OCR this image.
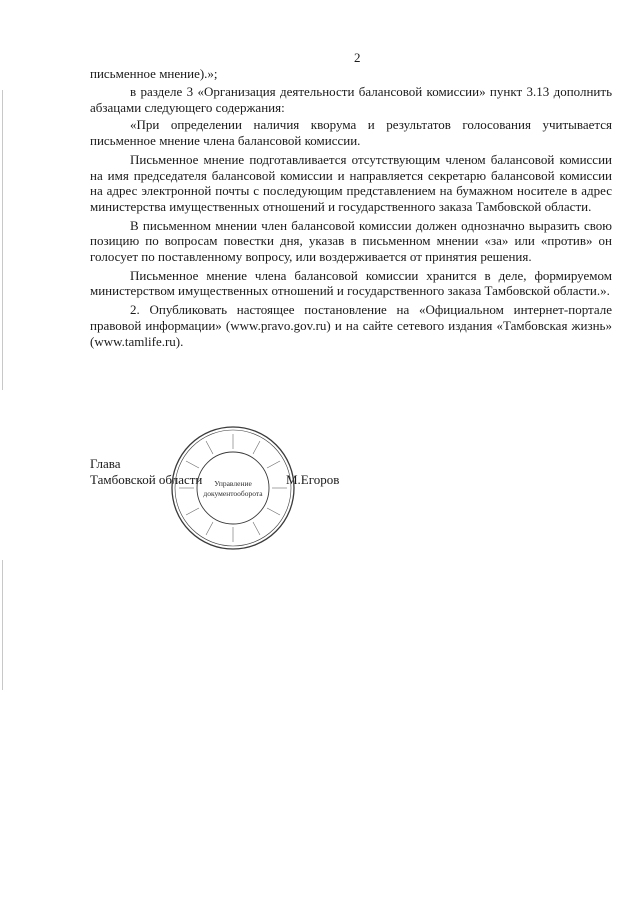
2

письменное мнение).»;

в разделе 3 «Организация деятельности балансовой комиссии» пункт 3.13 дополнить абзацами следующего содержания:

«При определении наличия кворума и результатов голосования учитывается письменное мнение члена балансовой комиссии.

Письменное мнение подготавливается отсутствующим членом балансовой комиссии на имя председателя балансовой комиссии и направляется секретарю балансовой комиссии на адрес электронной почты с последующим представлением на бумажном носителе в адрес министерства имущественных отношений и государственного заказа Тамбовской области.

В письменном мнении член балансовой комиссии должен однозначно выразить свою позицию по вопросам повестки дня, указав в письменном мнении «за» или «против» он голосует по поставленному вопросу, или воздерживается от принятия решения.

Письменное мнение члена балансовой комиссии хранится в деле, формируемом министерством имущественных отношений и государственного заказа Тамбовской области.».

2. Опубликовать настоящее постановление на «Официальном интернет-портале правовой информации» (www.pravo.gov.ru) и на сайте сетевого издания «Тамбовская жизнь» (www.tamlife.ru).

Глава
Тамбовской области	М.Егоров
Управление
документооборота
